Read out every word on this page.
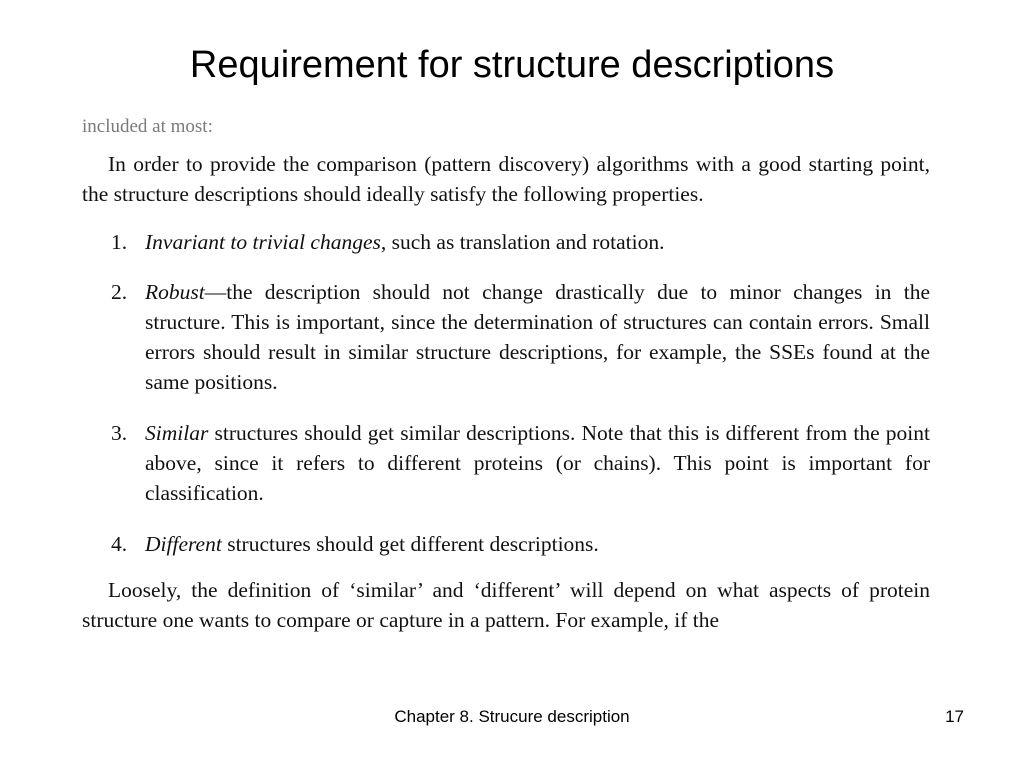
Requirement for structure descriptions
included at most:

In order to provide the comparison (pattern discovery) algorithms with a good starting point, the structure descriptions should ideally satisfy the following properties.

1. Invariant to trivial changes, such as translation and rotation.
2. Robust—the description should not change drastically due to minor changes in the structure. This is important, since the determination of structures can contain errors. Small errors should result in similar structure descriptions, for example, the SSEs found at the same positions.
3. Similar structures should get similar descriptions. Note that this is different from the point above, since it refers to different proteins (or chains). This point is important for classification.
4. Different structures should get different descriptions.

Loosely, the definition of ‘similar’ and ‘different’ will depend on what aspects of protein structure one wants to compare or capture in a pattern. For example, if the

Chapter 8. Strucure description	17
